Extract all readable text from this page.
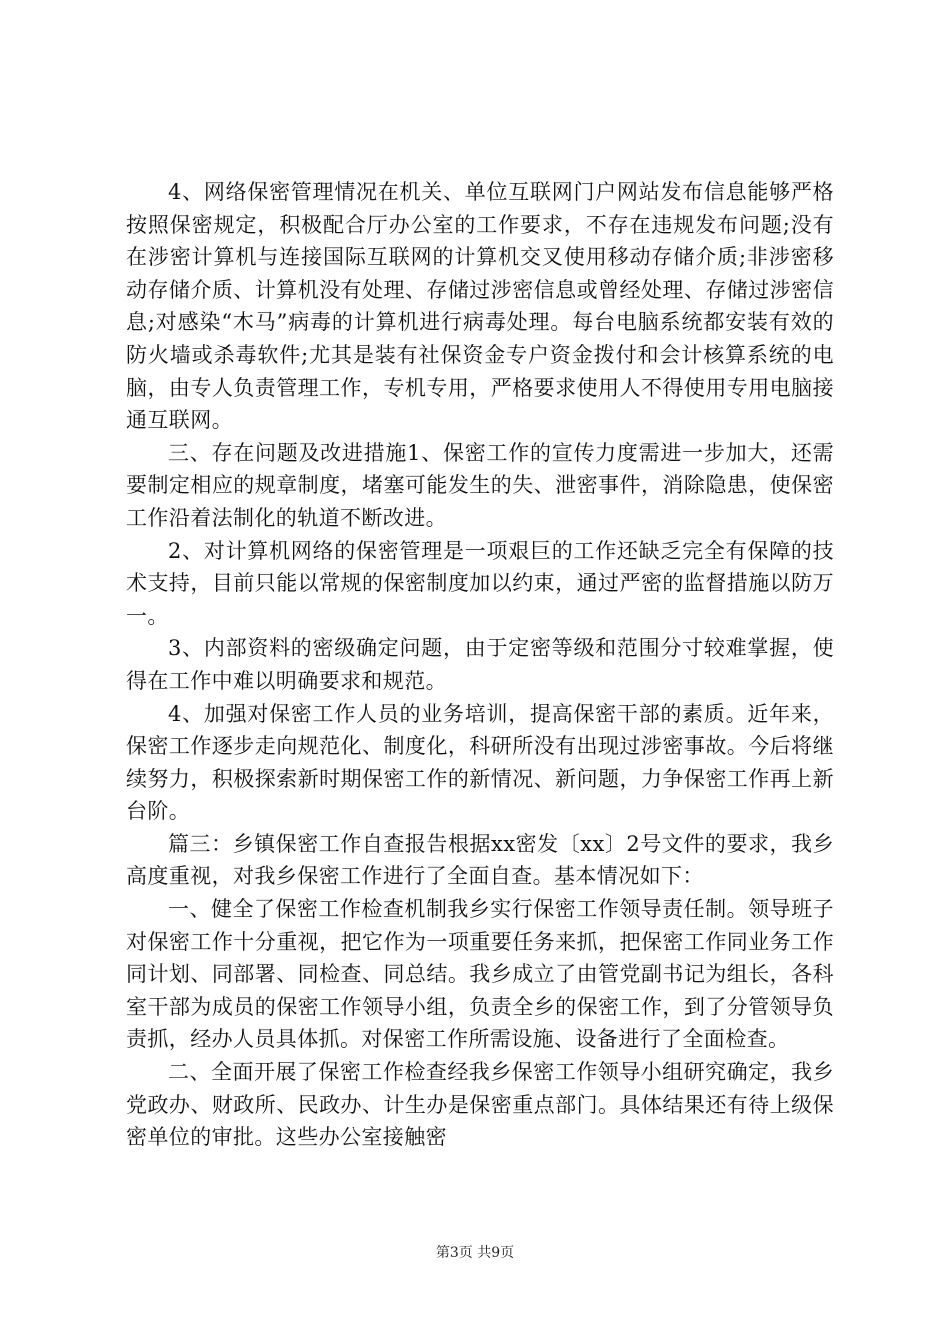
4、网络保密管理情况在机关、单位互联网门户网站发布信息能够严格按照保密规定，积极配合厅办公室的工作要求，不存在违规发布问题;没有在涉密计算机与连接国际互联网的计算机交叉使用移动存储介质;非涉密移动存储介质、计算机没有处理、存储过涉密信息或曾经处理、存储过涉密信息;对感染“木马”病毒的计算机进行病毒处理。每台电脑系统都安装有效的防火墙或杀毒软件;尤其是装有社保资金专户资金拨付和会计核算系统的电脑，由专人负责管理工作，专机专用，严格要求使用人不得使用专用电脑接通互联网。

三、存在问题及改进措施1、保密工作的宣传力度需进一步加大，还需要制定相应的规章制度，堵塞可能发生的失、泄密事件，消除隐患，使保密工作沿着法制化的轨道不断改进。

2、对计算机网络的保密管理是一项艰巨的工作还缺乏完全有保障的技术支持，目前只能以常规的保密制度加以约束，通过严密的监督措施以防万一。

3、内部资料的密级确定问题，由于定密等级和范围分寸较难掌握，使得在工作中难以明确要求和规范。

4、加强对保密工作人员的业务培训，提高保密干部的素质。近年来，保密工作逐步走向规范化、制度化，科研所没有出现过涉密事故。今后将继续努力，积极探索新时期保密工作的新情况、新问题，力争保密工作再上新台阶。

篇三：乡镇保密工作自查报告根据xx密发〔xx〕2号文件的要求，我乡高度重视，对我乡保密工作进行了全面自查。基本情况如下：

一、健全了保密工作检查机制我乡实行保密工作领导责任制。领导班子对保密工作十分重视，把它作为一项重要任务来抓，把保密工作同业务工作同计划、同部署、同检查、同总结。我乡成立了由管党副书记为组长，各科室干部为成员的保密工作领导小组，负责全乡的保密工作，到了分管领导负责抓，经办人员具体抓。对保密工作所需设施、设备进行了全面检查。

二、全面开展了保密工作检查经我乡保密工作领导小组研究确定，我乡党政办、财政所、民政办、计生办是保密重点部门。具体结果还有待上级保密单位的审批。这些办公室接触密

第3页 共9页
